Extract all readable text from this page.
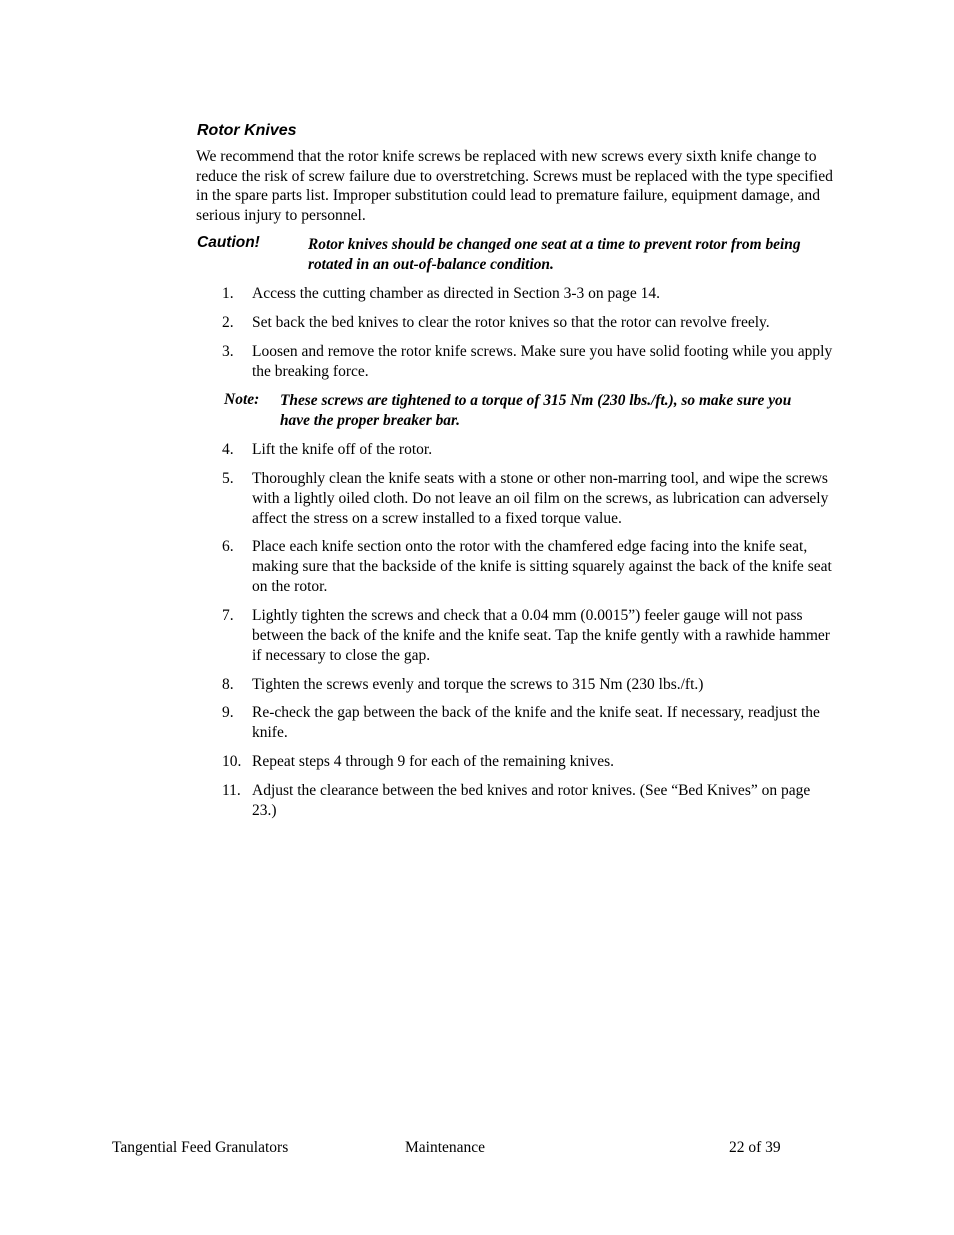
Rotor Knives
We recommend that the rotor knife screws be replaced with new screws every sixth knife change to reduce the risk of screw failure due to overstretching. Screws must be replaced with the type specified in the spare parts list. Improper substitution could lead to premature failure, equipment damage, and serious injury to personnel.
Caution!	Rotor knives should be changed one seat at a time to prevent rotor from being rotated in an out-of-balance condition.
1.	Access the cutting chamber as directed in Section 3-3 on page 14.
2.	Set back the bed knives to clear the rotor knives so that the rotor can revolve freely.
3.	Loosen and remove the rotor knife screws. Make sure you have solid footing while you apply the breaking force.
Note: These screws are tightened to a torque of 315 Nm (230 lbs./ft.), so make sure you have the proper breaker bar.
4.	Lift the knife off of the rotor.
5.	Thoroughly clean the knife seats with a stone or other non-marring tool, and wipe the screws with a lightly oiled cloth. Do not leave an oil film on the screws, as lubrication can adversely affect the stress on a screw installed to a fixed torque value.
6.	Place each knife section onto the rotor with the chamfered edge facing into the knife seat, making sure that the backside of the knife is sitting squarely against the back of the knife seat on the rotor.
7.	Lightly tighten the screws and check that a 0.04 mm (0.0015”) feeler gauge will not pass between the back of the knife and the knife seat. Tap the knife gently with a rawhide hammer if necessary to close the gap.
8.	Tighten the screws evenly and torque the screws to 315 Nm (230 lbs./ft.)
9.	Re-check the gap between the back of the knife and the knife seat. If necessary, readjust the knife.
10. Repeat steps 4 through 9 for each of the remaining knives.
11. Adjust the clearance between the bed knives and rotor knives. (See “Bed Knives” on page 23.)
Tangential Feed Granulators	Maintenance	22 of 39
